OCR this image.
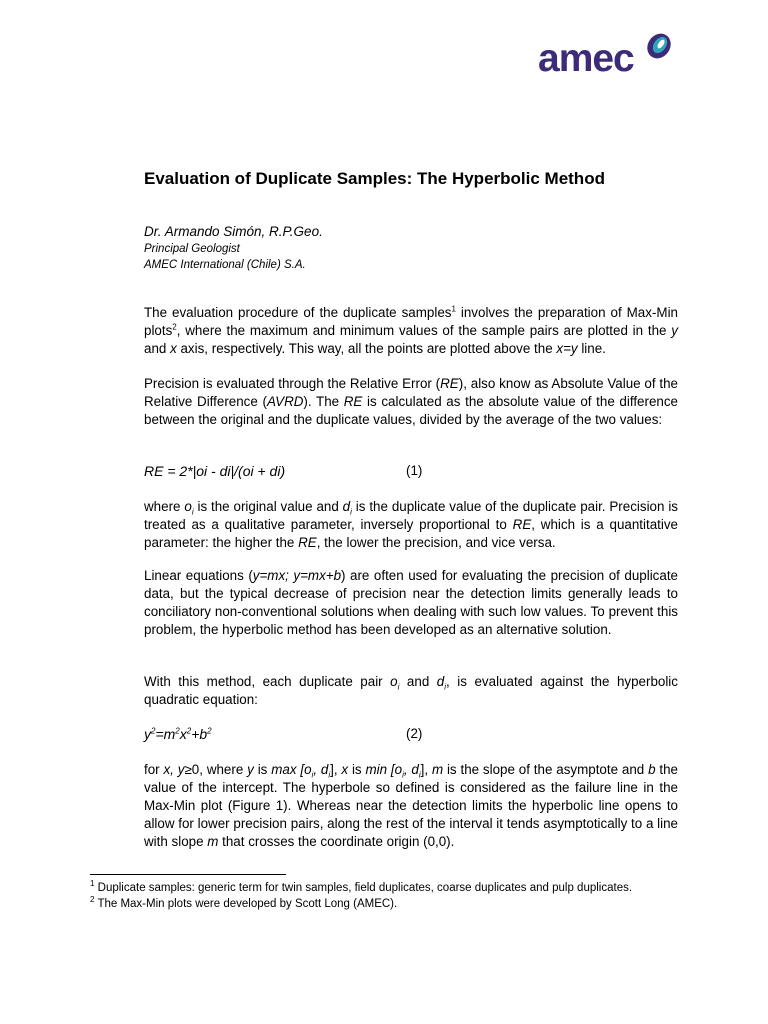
amec
Evaluation of Duplicate Samples: The Hyperbolic Method
Dr. Armando Simón, R.P.Geo.
Principal Geologist
AMEC International (Chile) S.A.

The evaluation procedure of the duplicate samples$^1$ involves the preparation of Max-Min plots$^2$, where the maximum and minimum values of the sample pairs are plotted in the y and x axis, respectively. This way, all the points are plotted above the x=y line.

Precision is evaluated through the Relative Error (RE), also know as Absolute Value of the Relative Difference (AVRD). The RE is calculated as the absolute value of the difference between the original and the duplicate values, divided by the average of the two values:

RE = 2*|oi - di|/(oi + di)	(1)

where $o_i$ is the original value and $d_i$ is the duplicate value of the duplicate pair. Precision is treated as a qualitative parameter, inversely proportional to RE, which is a quantitative parameter: the higher the RE, the lower the precision, and vice versa.

Linear equations (y=mx; y=mx+b) are often used for evaluating the precision of duplicate data, but the typical decrease of precision near the detection limits generally leads to conciliatory non-conventional solutions when dealing with such low values. To prevent this problem, the hyperbolic method has been developed as an alternative solution.

With this method, each duplicate pair $o_i$ and $d_i$, is evaluated against the hyperbolic quadratic equation:

$y^2=m^2x^2+b^2$	(2)

for x, y≥0, where y is $\max [o_i$, $d_i$], x is $\min [o_i$, $d_i$], m is the slope of the asymptote and b the value of the intercept. The hyperbole so defined is considered as the failure line in the Max-Min plot (Figure 1). Whereas near the detection limits the hyperbolic line opens to allow for lower precision pairs, along the rest of the interval it tends asymptotically to a line with slope m that crosses the coordinate origin (0,0).

$^1$ Duplicate samples: generic term for twin samples, field duplicates, coarse duplicates and pulp duplicates.

$^2$ The Max-Min plots were developed by Scott Long (AMEC).
